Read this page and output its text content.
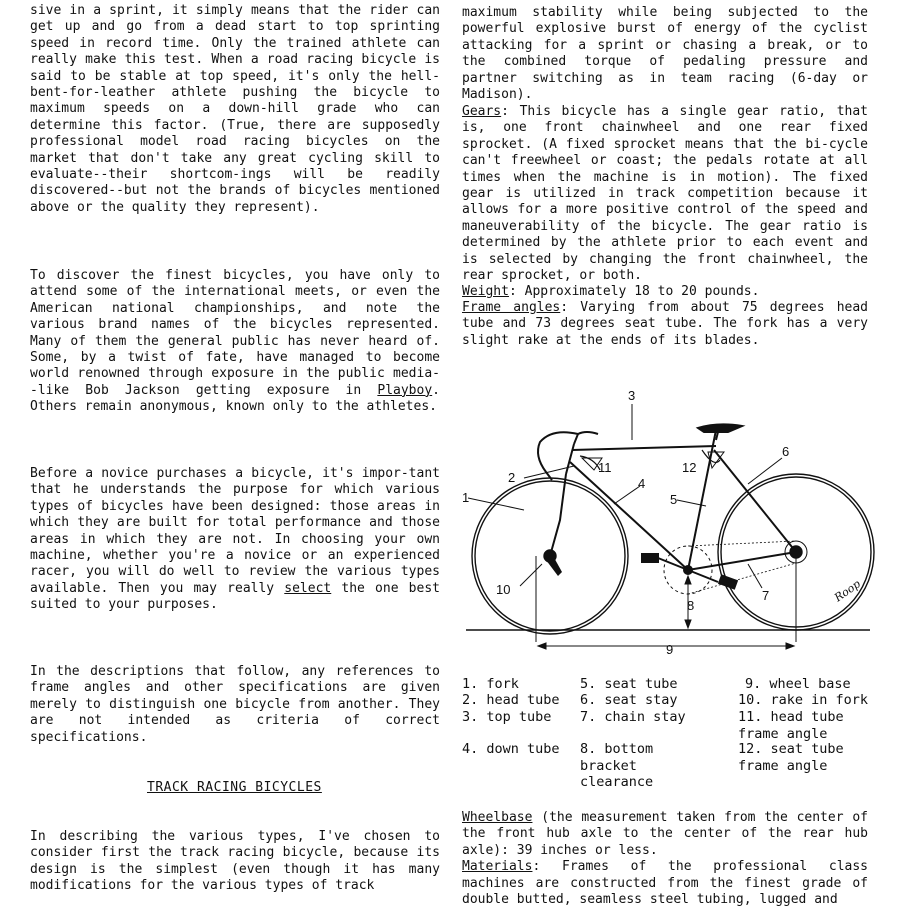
sive in a sprint, it simply means that the rider can get up and go from a dead start to top sprinting speed in record time. Only the trained athlete can really make this test. When a road racing bicycle is said to be stable at top speed, it's only the hell-bent-for-leather athlete pushing the bicycle to maximum speeds on a down-hill grade who can determine this factor. (True, there are supposedly professional model road racing bicycles on the market that don't take any great cycling skill to evaluate--their shortcom-ings will be readily discovered--but not the brands of bicycles mentioned above or the quality they represent).

To discover the finest bicycles, you have only to attend some of the international meets, or even the American national championships, and note the various brand names of the bicycles represented. Many of them the general public has never heard of. Some, by a twist of fate, have managed to become world renowned through exposure in the public media--like Bob Jackson getting exposure in Playboy. Others remain anonymous, known only to the athletes.

Before a novice purchases a bicycle, it's impor-tant that he understands the purpose for which various types of bicycles have been designed: those areas in which they are built for total performance and those areas in which they are not. In choosing your own machine, whether you're a novice or an experienced racer, you will do well to review the various types available. Then you may really select the one best suited to your purposes.

In the descriptions that follow, any references to frame angles and other specifications are given merely to distinguish one bicycle from another. They are not intended as criteria of correct specifications.

TRACK RACING BICYCLES

In describing the various types, I've chosen to consider first the track racing bicycle, because its design is the simplest (even though it has many modifications for the various types of track

maximum stability while being subjected to the powerful explosive burst of energy of the cyclist attacking for a sprint or chasing a break, or to the combined torque of pedaling pressure and partner switching as in team racing (6-day or Madison).

Gears: This bicycle has a single gear ratio, that is, one front chainwheel and one rear fixed sprocket. (A fixed sprocket means that the bi-cycle can't freewheel or coast; the pedals rotate at all times when the machine is in motion). The fixed gear is utilized in track competition because it allows for a more positive control of the speed and maneuverability of the bicycle. The gear ratio is determined by the athlete prior to each event and is selected by changing the front chainwheel, the rear sprocket, or both.

Weight: Approximately 18 to 20 pounds.

Frame angles: Varying from about 75 degrees head tube and 73 degrees seat tube. The fork has a very slight rake at the ends of its blades.

1
2
3
4
5
6
7
8
9
10
11	12
Roop

Wheelbase (the measurement taken from the center of the front hub axle to the center of the rear hub axle): 39 inches or less.
Materials: Frames of the professional class machines are constructed from the finest grade of double butted, seamless steel tubing, lugged and

1. fork
2. head tube
3. top tube
4. down tube
5. seat tube
6. seat stay
7. chain stay
8. bottom bracket clearance
9. wheel base
10. rake in fork
11. head tube frame angle
12. seat tube frame angle
